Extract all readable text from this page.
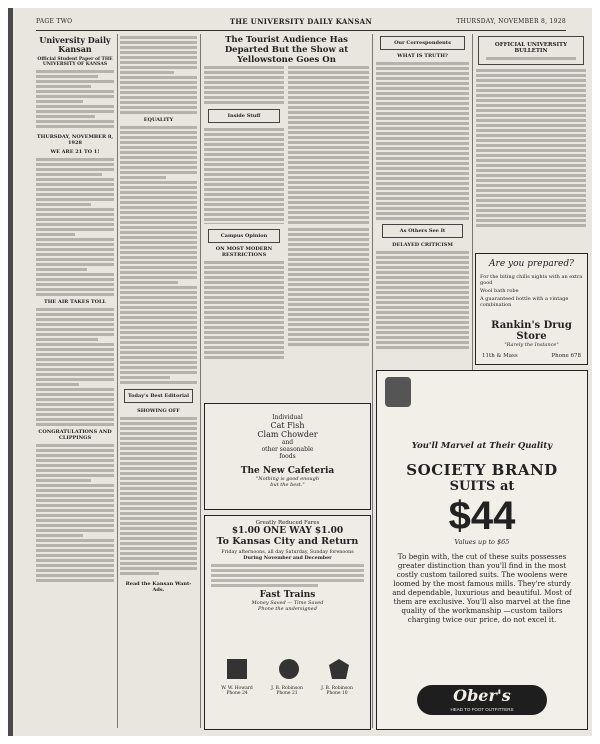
PAGE TWO	THE UNIVERSITY DAILY KANSAN	THURSDAY, NOVEMBER 8, 1928
University Daily Kansan
Official Student Paper of THE UNIVERSITY OF KANSAS
THURSDAY, NOVEMBER 8, 1928
WE ARE 21 TO 1!
THE AIR TAKES TOLL
CONGRATULATIONS AND CLIPPINGS
EQUALITY
Today's Best Editorial
SHOWING OFF
Read the Kansan Want-Ads.
The Tourist Audience Has Departed But the Show at Yellowstone Goes On
Inside Stuff
Campus Opinion
ON MOST MODERN RESTRICTIONS
Our Correspondents
WHAT IS TRUTH?
As Others See It
DELAYED CRITICISM
OFFICIAL UNIVERSITY BULLETIN
Are you prepared?
For the biting chills nights with an extra good
Wool bath robe
A guaranteed bottle with a vintage combination
Rankin's Drug Store
"Rarely the Instance"
11th & Mass	Phone 678
Individual
Cat Fish
Clam Chowder
and
other seasonable
foods
The New Cafeteria
"Nothing is good enough
but the best."
Greatly Reduced Fares
$1.00 ONE WAY $1.00
To Kansas City and Return
Friday afternoons, all day Saturday, Sunday forenoons
During November and December
Fast Trains
Money Saved — Time Saved
Phone the undersigned
W. W. Howard
Phone 24
J. B. Robinson
Phone 21
J. B. Robinson
Phone 10
You'll Marvel at Their Quality
SOCIETY BRAND
SUITS at
$44
Values up to $65
To begin with, the cut of these suits possesses greater distinction than you'll find in the most costly custom tailored suits. The woolens were loomed by the most famous mills. They're sturdy and dependable, luxurious and beautiful. Most of them are exclusive. You'll also marvel at the fine quality of the workmanship —custom tailors charging twice our price, do not excel it.
Ober's
HEAD TO FOOT OUTFITTERS
